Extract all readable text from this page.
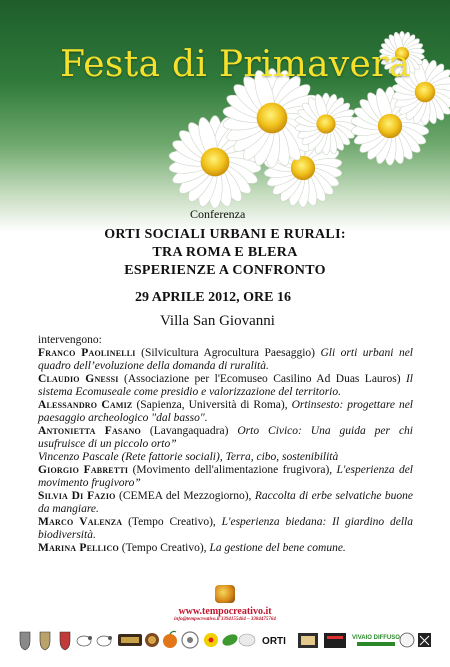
Festa di Primavera
Conferenza
ORTI SOCIALI URBANI E RURALI:
TRA ROMA E BLERA
ESPERIENZE A CONFRONTO
29 APRILE 2012, ORE 16
Villa San Giovanni
intervengono:
Franco Paolinelli (Silvicultura Agrocultura Paesaggio) Gli orti urbani nel quadro dell’evoluzione della domanda di ruralità.
Claudio Gnessi (Associazione per l'Ecomuseo Casilino Ad Duas Lauros) Il sistema Ecomuseale come presidio e valorizzazione del territorio.
Alessandro Camiz (Sapienza, Università di Roma), Ortinsesto: progettare nel paesaggio archeologico "dal basso".
Antonietta Fasano (Lavangaquadra) Orto Civico: Una guida per chi usufruisce di un piccolo orto”
Vincenzo Pascale (Rete fattorie sociali), Terra, cibo, sostenibilità
Giorgio Fabretti (Movimento dell'alimentazione frugivora), L'esperienza del movimento frugivoro”
Silvia Di Fazio (CEMEA del Mezzogiorno), Raccolta di erbe selvatiche buone da mangiare.
Marco Valenza (Tempo Creativo), L'esperienza biedana: Il giardino della biodiversità.
Marina Pellico (Tempo Creativo), La gestione del bene comune.
www.tempocreativo.it
info@tempocreativo.it 3394155464 – 3384475764
ORTI	VIVAIO DIFFUSO
